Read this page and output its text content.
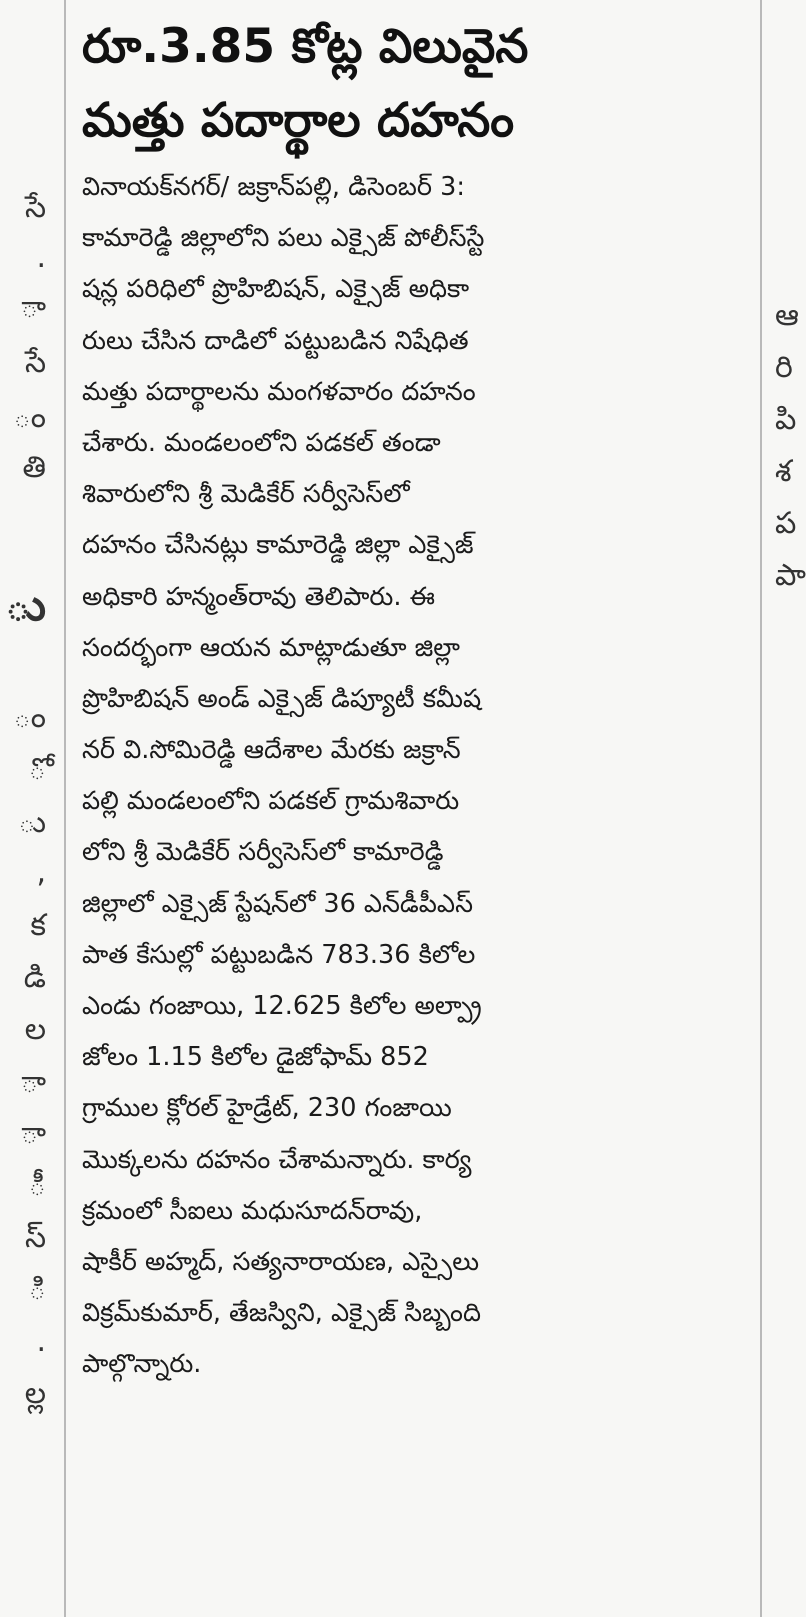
సే
.
ా
సే
ం
తి
ు
ం
ో
ు
,
క
డి
ల
ా
ా
ీ
స్
ి
.
ల్ల
రూ.3.85 కోట్ల విలువైన
మత్తు పదార్థాల దహనం
వినాయక్‌నగర్/ జక్రాన్‌పల్లి, డిసెంబర్ 3:
కామారెడ్డి జిల్లాలోని పలు ఎక్సైజ్ పోలీస్‌స్టే
షన్ల పరిధిలో ప్రొహిబిషన్, ఎక్సైజ్ అధికా
రులు చేసిన దాడిలో పట్టుబడిన నిషేధిత
మత్తు పదార్థాలను మంగళవారం దహనం
చేశారు. మండలంలోని పడకల్ తండా
శివారులోని శ్రీ మెడికేర్ సర్వీసెస్‌లో
దహనం చేసినట్లు కామారెడ్డి జిల్లా ఎక్సైజ్
అధికారి హన్మంత్‌రావు తెలిపారు. ఈ
సందర్భంగా ఆయన మాట్లాడుతూ జిల్లా
ప్రొహిబిషన్ అండ్ ఎక్సైజ్ డిప్యూటీ కమీష
నర్ వి.సోమిరెడ్డి ఆదేశాల మేరకు జక్రాన్
పల్లి మండలంలోని పడకల్ గ్రామశివారు
లోని శ్రీ మెడికేర్ సర్వీసెస్‌లో కామారెడ్డి
జిల్లాలో ఎక్సైజ్ స్టేషన్‌లో 36 ఎన్‌డీపీఎస్
పాత కేసుల్లో పట్టుబడిన 783.36 కిలోల
ఎండు గంజాయి, 12.625 కిలోల అల్ప్రా
జోలం 1.15 కిలోల డైజోఫామ్ 852
గ్రాముల క్లోరల్ హైడ్రేట్, 230 గంజాయి
మొక్కలను దహనం చేశామన్నారు. కార్య
క్రమంలో సీఐలు మధుసూదన్‌రావు,
షాకీర్ అహ్మద్, సత్యనారాయణ, ఎస్సైలు
విక్రమ్‌కుమార్, తేజస్విని, ఎక్సైజ్ సిబ్బంది
పాల్గొన్నారు.
ఆ
రి
పి
శ
ప
పా
